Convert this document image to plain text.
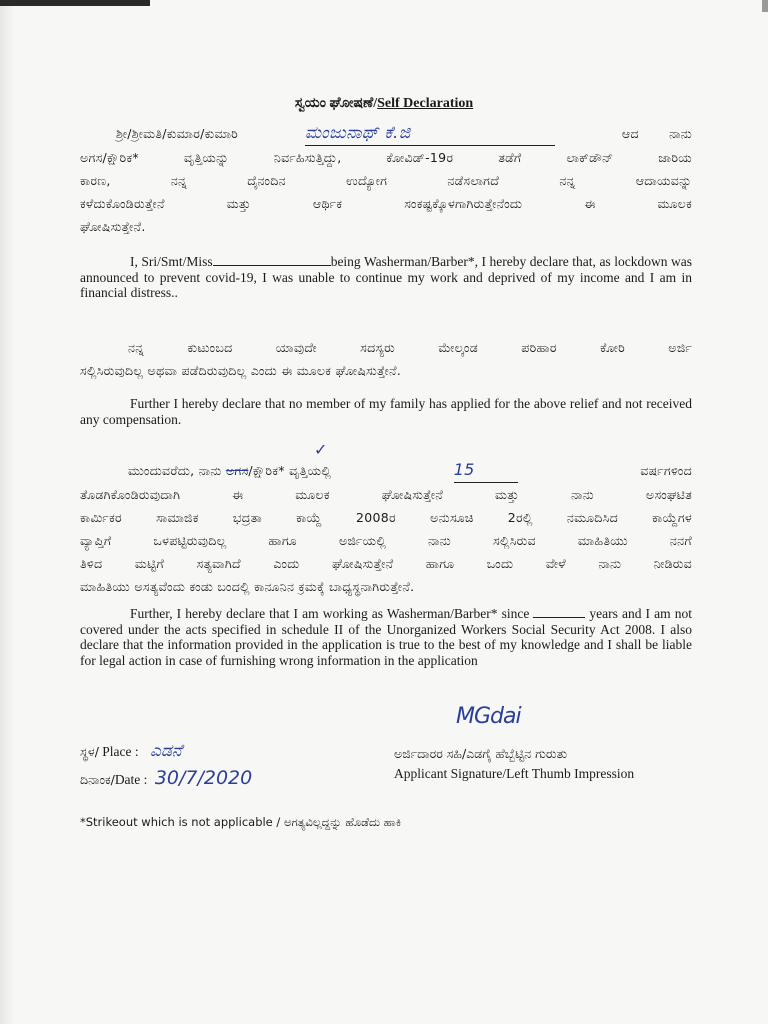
ಸ್ವಯಂ ಘೋಷಣೆ/Self Declaration
ಶ್ರೀ/ಶ್ರೀಮತಿ/ಕುಮಾರ/ಕುಮಾರಿ	ಮಂಜುನಾಥ್ ಕೆ.ಜಿ	ಆದ ನಾನು
ಅಗಸ/ಕ್ಷೌರಿಕ* ವೃತ್ತಿಯನ್ನು ನಿರ್ವಹಿಸುತ್ತಿದ್ದು, ಕೋವಿಡ್-19ರ ತಡೆಗೆ ಲಾಕ್‌ಡೌನ್ ಜಾರಿಯ
ಕಾರಣ, ನನ್ನ ದೈನಂದಿನ ಉದ್ಯೋಗ ನಡೆಸಲಾಗದೆ ನನ್ನ ಆದಾಯವನ್ನು
ಕಳೆದುಕೊಂಡಿರುತ್ತೇನೆ ಮತ್ತು ಆರ್ಥಿಕ ಸಂಕಷ್ಟಕ್ಕೊಳಗಾಗಿರುತ್ತೇನೆಂದು ಈ ಮೂಲಕ
ಘೋಷಿಸುತ್ತೇನೆ.
I, Sri/Smt/Miss	being Washerman/Barber*, I hereby declare that, as lockdown was announced to prevent covid-19, I was unable to continue my work and deprived of my income and I am in financial distress..
ನನ್ನ ಕುಟುಂಬದ ಯಾವುದೇ ಸದಸ್ಯರು ಮೇಲ್ಕಂಡ ಪರಿಹಾರ ಕೋರಿ ಅರ್ಜಿ
ಸಲ್ಲಿಸಿರುವುದಿಲ್ಲ ಅಥವಾ ಪಡೆದಿರುವುದಿಲ್ಲ ಎಂದು ಈ ಮೂಲಕ ಘೋಷಿಸುತ್ತೇನೆ.
Further I hereby declare that no member of my family has applied for the above relief and not received any compensation.
✓
ಮುಂದುವರೆದು, ನಾನು ಅಗಸ/ಕ್ಷೌರಿಕ* ವೃತ್ತಿಯಲ್ಲಿ	15	ವರ್ಷಗಳಿಂದ
ತೊಡಗಿಕೊಂಡಿರುವುದಾಗಿ ಈ ಮೂಲಕ ಘೋಷಿಸುತ್ತೇನೆ ಮತ್ತು ನಾನು ಅಸಂಘಟಿತ
ಕಾರ್ಮಿಕರ ಸಾಮಾಜಿಕ ಭದ್ರತಾ ಕಾಯ್ದೆ 2008ರ ಅನುಸೂಚಿ 2ರಲ್ಲಿ ನಮೂದಿಸಿದ ಕಾಯ್ದೆಗಳ
ವ್ಯಾಪ್ತಿಗೆ ಒಳಪಟ್ಟಿರುವುದಿಲ್ಲ ಹಾಗೂ ಅರ್ಜಿಯಲ್ಲಿ ನಾನು ಸಲ್ಲಿಸಿರುವ ಮಾಹಿತಿಯು ನನಗೆ
ತಿಳಿದ ಮಟ್ಟಿಗೆ ಸತ್ಯವಾಗಿದೆ ಎಂದು ಘೋಷಿಸುತ್ತೇನೆ ಹಾಗೂ ಒಂದು ವೇಳೆ ನಾನು ನೀಡಿರುವ
ಮಾಹಿತಿಯು ಅಸತ್ಯವೆಂದು ಕಂಡು ಬಂದಲ್ಲಿ ಕಾನೂನಿನ ಕ್ರಮಕ್ಕೆ ಬಾಧ್ಯಸ್ಥನಾಗಿರುತ್ತೇನೆ.
Further, I hereby declare that I am working as Washerman/Barber* since	years and I am not covered under the acts specified in schedule II of the Unorganized Workers Social Security Act 2008. I also declare that the information provided in the application is true to the best of my knowledge and I shall be liable for legal action in case of furnishing wrong information in the application
MGdai
ಸ್ಥಳ/ Place : ಎಡನೆ
ದಿನಾಂಕ/Date : 30/7/2020
ಅರ್ಜಿದಾರರ ಸಹಿ/ಎಡಗೈ ಹೆಬ್ಬೆಟ್ಟಿನ ಗುರುತು
Applicant Signature/Left Thumb Impression
*Strikeout which is not applicable / ಅಗತ್ಯವಿಲ್ಲದ್ದನ್ನು ಹೊಡೆದು ಹಾಕಿ
